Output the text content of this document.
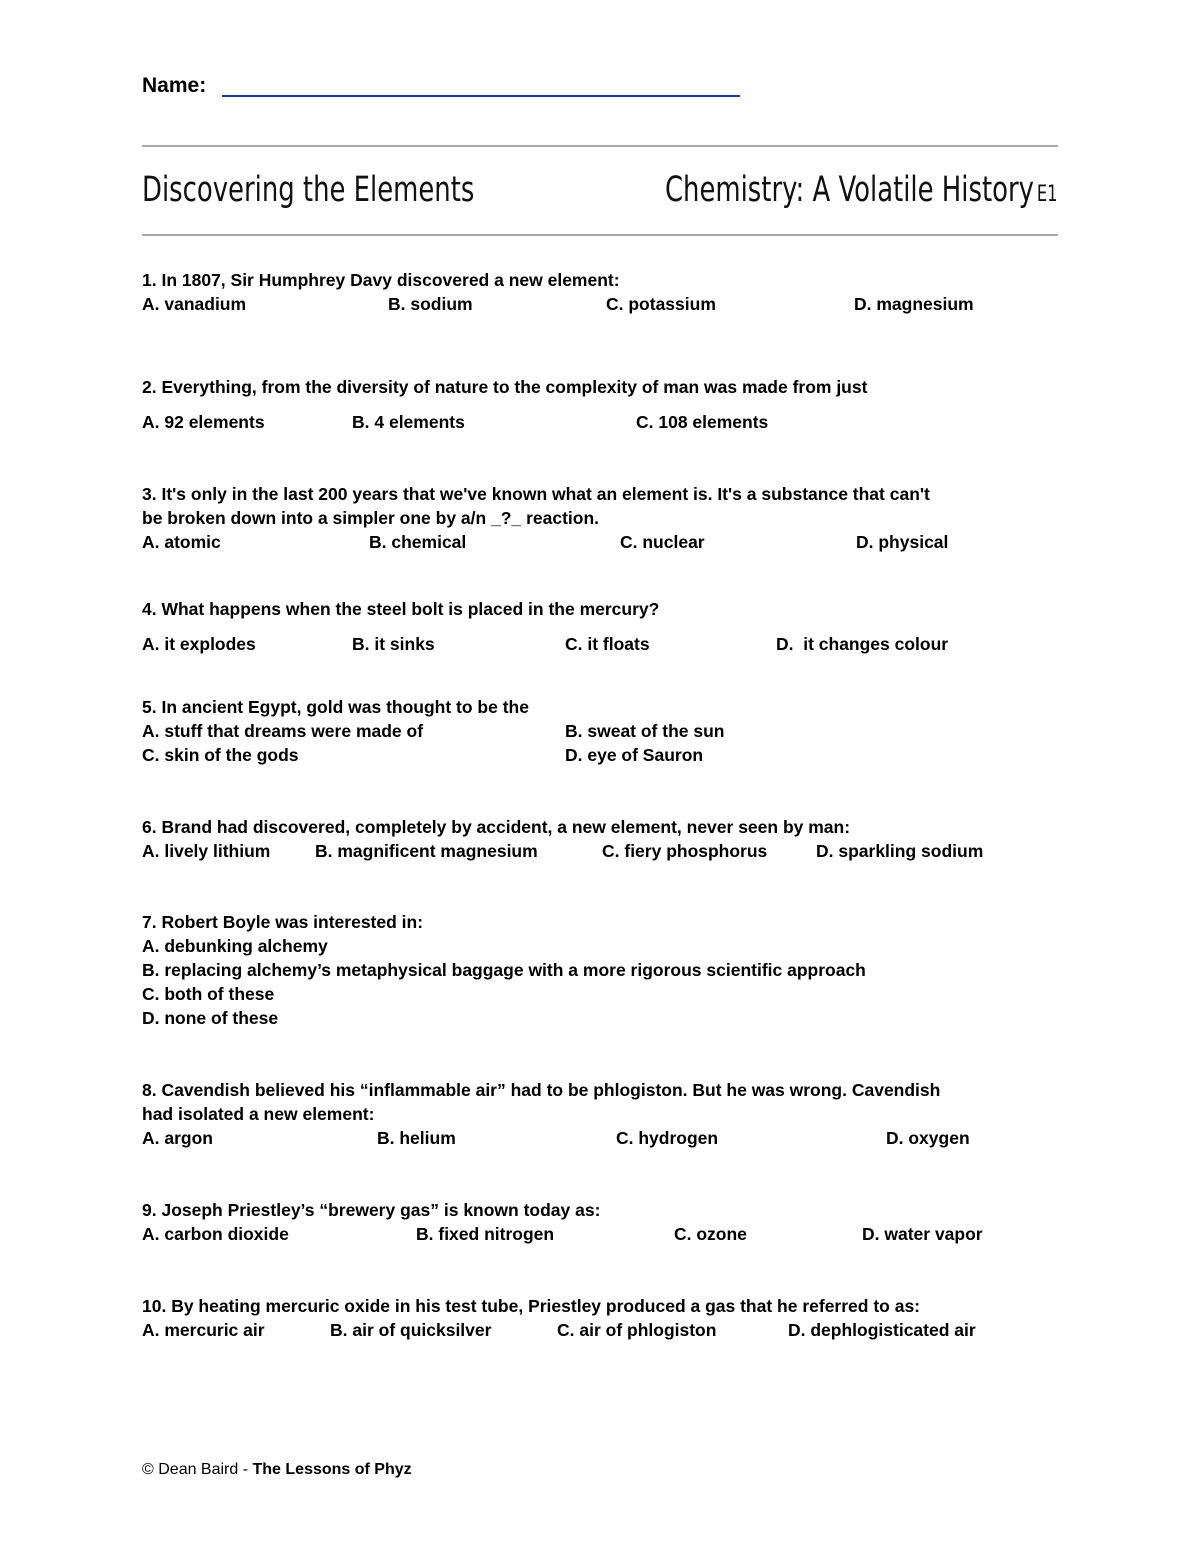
Name:
Discovering the Elements	Chemistry: A Volatile History E1
1. In 1807, Sir Humphrey Davy discovered a new element:
A. vanadium	B. sodium	C. potassium	D. magnesium
2. Everything, from the diversity of nature to the complexity of man was made from just
A. 92 elements	B. 4 elements	C. 108 elements
3. It's only in the last 200 years that we've known what an element is. It's a substance that can't
be broken down into a simpler one by a/n _?_ reaction.
A. atomic	B. chemical	C. nuclear	D. physical
4. What happens when the steel bolt is placed in the mercury?
A. it explodes	B. it sinks	C. it floats	D.  it changes colour
5. In ancient Egypt, gold was thought to be the
A. stuff that dreams were made of	B. sweat of the sun
C. skin of the gods	D. eye of Sauron
6. Brand had discovered, completely by accident, a new element, never seen by man:
A. lively lithium	B. magnificent magnesium	C. fiery phosphorus	D. sparkling sodium
7. Robert Boyle was interested in:
A. debunking alchemy
B. replacing alchemy’s metaphysical baggage with a more rigorous scientific approach
C. both of these
D. none of these
8. Cavendish believed his “inflammable air” had to be phlogiston. But he was wrong. Cavendish
had isolated a new element:
A. argon	B. helium	C. hydrogen	D. oxygen
9. Joseph Priestley’s “brewery gas” is known today as:
A. carbon dioxide	B. fixed nitrogen	C. ozone	D. water vapor
10. By heating mercuric oxide in his test tube, Priestley produced a gas that he referred to as:
A. mercuric air	B. air of quicksilver	C. air of phlogiston	D. dephlogisticated air
© Dean Baird - The Lessons of Phyz
